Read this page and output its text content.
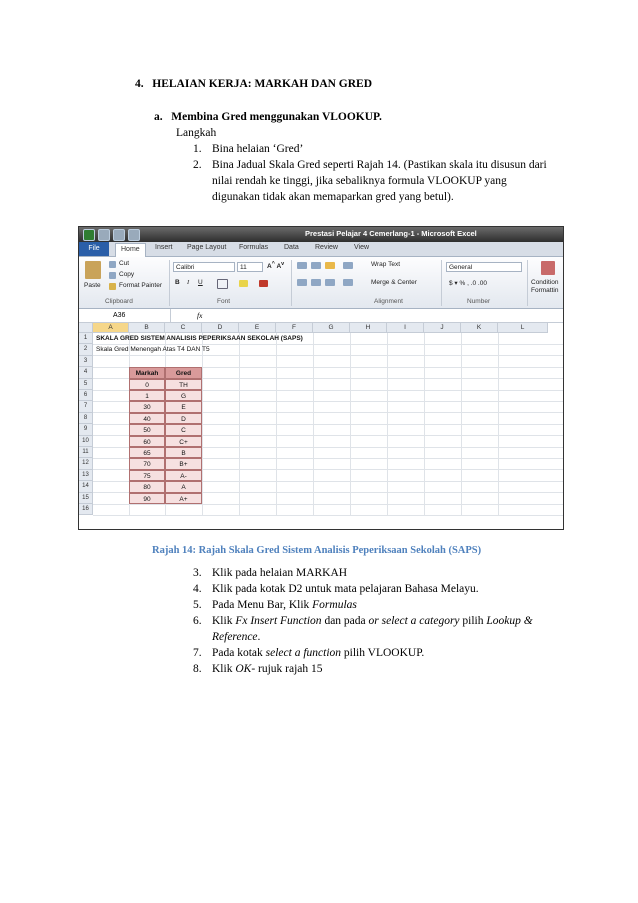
4.   HELAIAN KERJA: MARKAH DAN GRED
a.   Membina Gred menggunakan VLOOKUP.
Langkah
1. Bina helaian ‘Gred’
2. Bina Jadual Skala Gred seperti Rajah 14. (Pastikan skala itu disusun dari
nilai rendah ke tinggi, jika sebaliknya formula VLOOKUP yang
digunakan tidak akan memaparkan gred yang betul).
Prestasi Pelajar 4 Cemerlang-1 - Microsoft Excel
File	Home	Insert Page Layout Formulas Data Review View
Paste
Cut
Copy
Format Painter
Clipboard
Calibri	11	A^ $A^v$
B I U
Font
Wrap Text
Merge & Center
Alignment
General
$ ▾ % , .0 .00
Number
Condition
Formattin
A36	fx
A	B	C	D	E	F	G	H	I	J	K	L
1
2
3
4
5
6
7
8
9
10
11
12
13
14
15
16
SKALA GRED SISTEM ANALISIS PEPERIKSAAN SEKOLAH (SAPS)
Skala Gred Menengah Atas T4 DAN T5
Markah	Gred
0	TH
1	G
30	E
40	D
50	C
60	C+
65	B
70	B+
75	A-
80	A
90	A+
Rajah 14: Rajah Skala Gred Sistem Analisis Peperiksaan Sekolah (SAPS)
3. Klik pada helaian MARKAH
4. Klik pada kotak D2 untuk mata pelajaran Bahasa Melayu.
5. Pada Menu Bar, Klik Formulas
6. Klik Fx Insert Function dan pada or select a category pilih Lookup &
Reference.
7. Pada kotak select a function pilih VLOOKUP.
8. Klik OK- rujuk rajah 15
